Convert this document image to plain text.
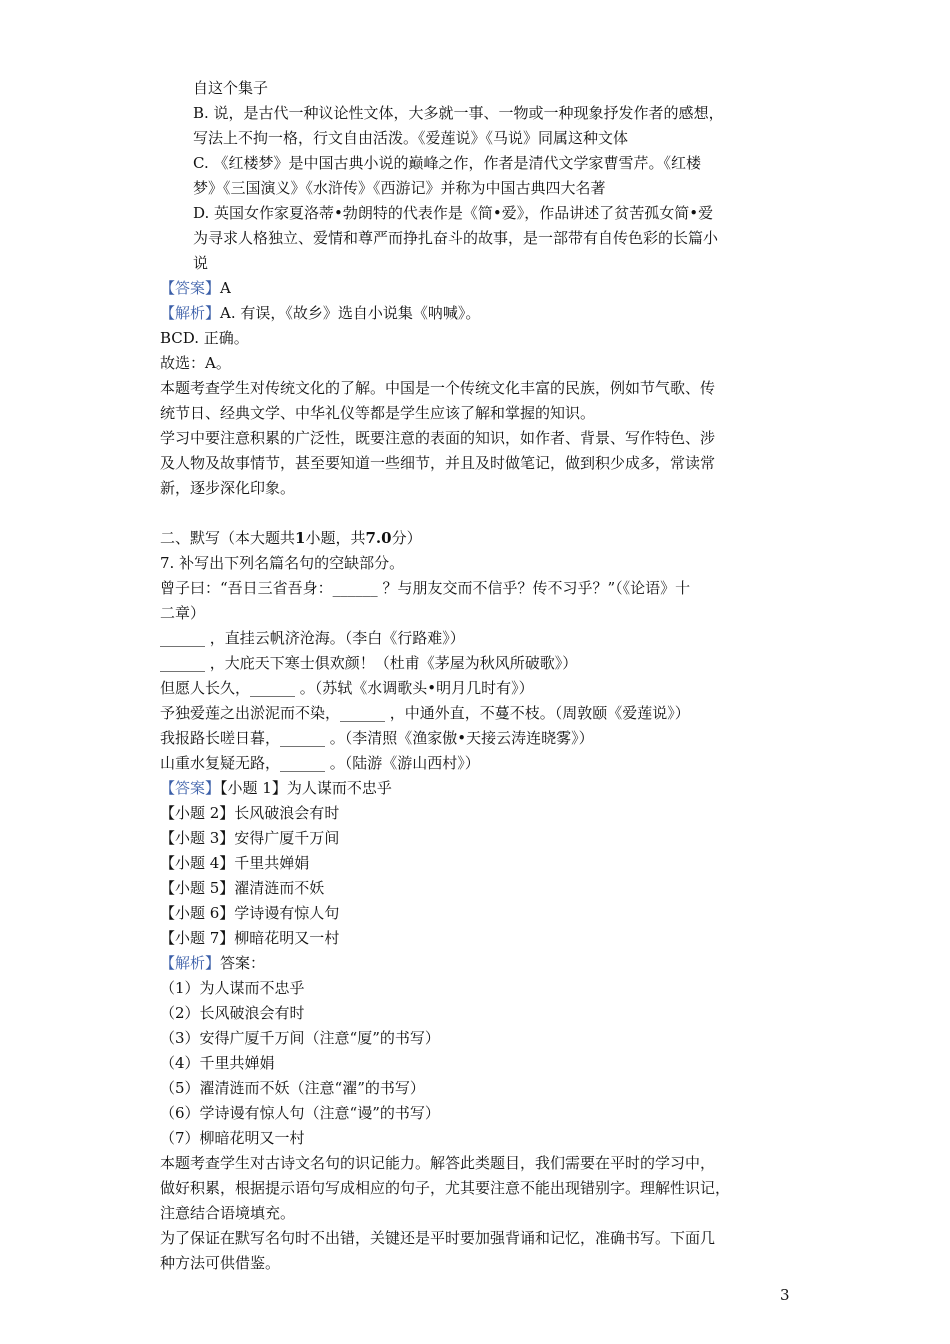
自这个集子
B. 说，是古代一种议论性文体，大多就一事、一物或一种现象抒发作者的感想，
写法上不拘一格，行文自由活泼。《爱莲说》《马说》同属这种文体
C. 《红楼梦》是中国古典小说的巅峰之作，作者是清代文学家曹雪芹。《红楼
梦》《三国演义》《水浒传》《西游记》并称为中国古典四大名著
D. 英国女作家夏洛蒂•勃朗特的代表作是《简•爱》，作品讲述了贫苦孤女简•爱
为寻求人格独立、爱情和尊严而挣扎奋斗的故事，是一部带有自传色彩的长篇小
说
【答案】A
【解析】A. 有误，《故乡》选自小说集《呐喊》。
BCD. 正确。
故选：A。
本题考查学生对传统文化的了解。中国是一个传统文化丰富的民族，例如节气歌、传
统节日、经典文学、中华礼仪等都是学生应该了解和掌握的知识。
学习中要注意积累的广泛性，既要注意的表面的知识，如作者、背景、写作特色、涉
及人物及故事情节，甚至要知道一些细节，并且及时做笔记，做到积少成多，常读常
新，逐步深化印象。
二、默写（本大题共1小题，共7.0分）
7. 补写出下列名篇名句的空缺部分。
曾子曰：“吾日三省吾身：______ ？与朋友交而不信乎？传不习乎？”（《论语》十
二章）
______ ，直挂云帆济沧海。（李白《行路难》）
______ ，大庇天下寒士俱欢颜！（杜甫《茅屋为秋风所破歌》）
但愿人长久，______ 。（苏轼《水调歌头•明月几时有》）
予独爱莲之出淤泥而不染，______ ，中通外直，不蔓不枝。（周敦颐《爱莲说》）
我报路长嗟日暮，______ 。（李清照《渔家傲•天接云涛连晓雾》）
山重水复疑无路，______ 。（陆游《游山西村》）
【答案】【小题 1】为人谋而不忠乎
【小题 2】长风破浪会有时
【小题 3】安得广厦千万间
【小题 4】千里共婵娟
【小题 5】濯清涟而不妖
【小题 6】学诗谩有惊人句
【小题 7】柳暗花明又一村
【解析】答案：
（1）为人谋而不忠乎
（2）长风破浪会有时
（3）安得广厦千万间（注意“厦”的书写）
（4）千里共婵娟
（5）濯清涟而不妖（注意“濯”的书写）
（6）学诗谩有惊人句（注意“谩”的书写）
（7）柳暗花明又一村
本题考查学生对古诗文名句的识记能力。解答此类题目，我们需要在平时的学习中，
做好积累，根据提示语句写成相应的句子，尤其要注意不能出现错别字。理解性识记，
注意结合语境填充。
为了保证在默写名句时不出错，关键还是平时要加强背诵和记忆，准确书写。下面几
种方法可供借鉴。
3
